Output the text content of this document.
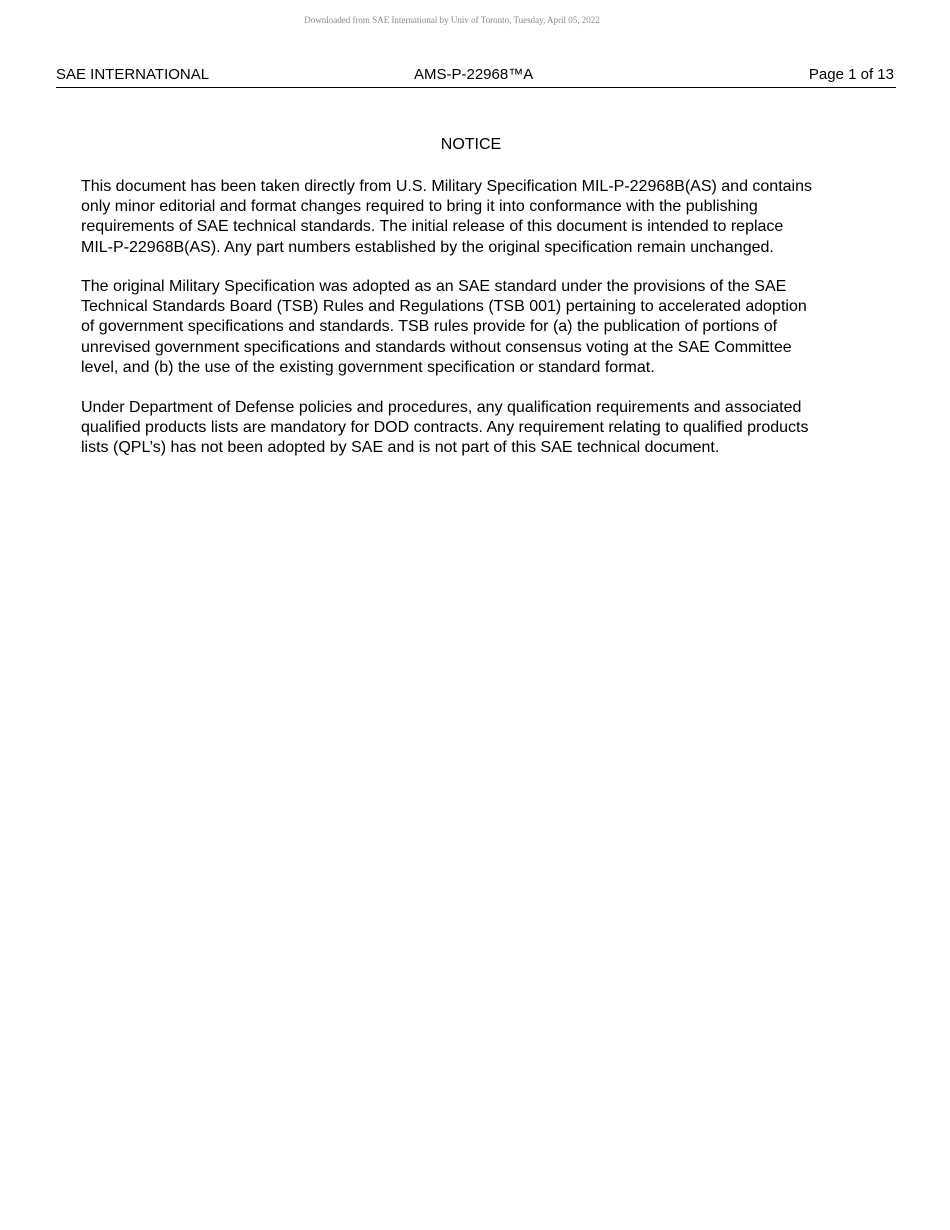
Downloaded from SAE International by Univ of Toronto, Tuesday, April 05, 2022
SAE INTERNATIONAL	AMS-P-22968™A	Page 1 of 13
NOTICE
This document has been taken directly from U.S. Military Specification MIL-P-22968B(AS) and contains
only minor editorial and format changes required to bring it into conformance with the publishing
requirements of SAE technical standards. The initial release of this document is intended to replace
MIL-P-22968B(AS). Any part numbers established by the original specification remain unchanged.
The original Military Specification was adopted as an SAE standard under the provisions of the SAE
Technical Standards Board (TSB) Rules and Regulations (TSB 001) pertaining to accelerated adoption
of government specifications and standards. TSB rules provide for (a) the publication of portions of
unrevised government specifications and standards without consensus voting at the SAE Committee
level, and (b) the use of the existing government specification or standard format.
Under Department of Defense policies and procedures, any qualification requirements and associated
qualified products lists are mandatory for DOD contracts. Any requirement relating to qualified products
lists (QPL’s) has not been adopted by SAE and is not part of this SAE technical document.
